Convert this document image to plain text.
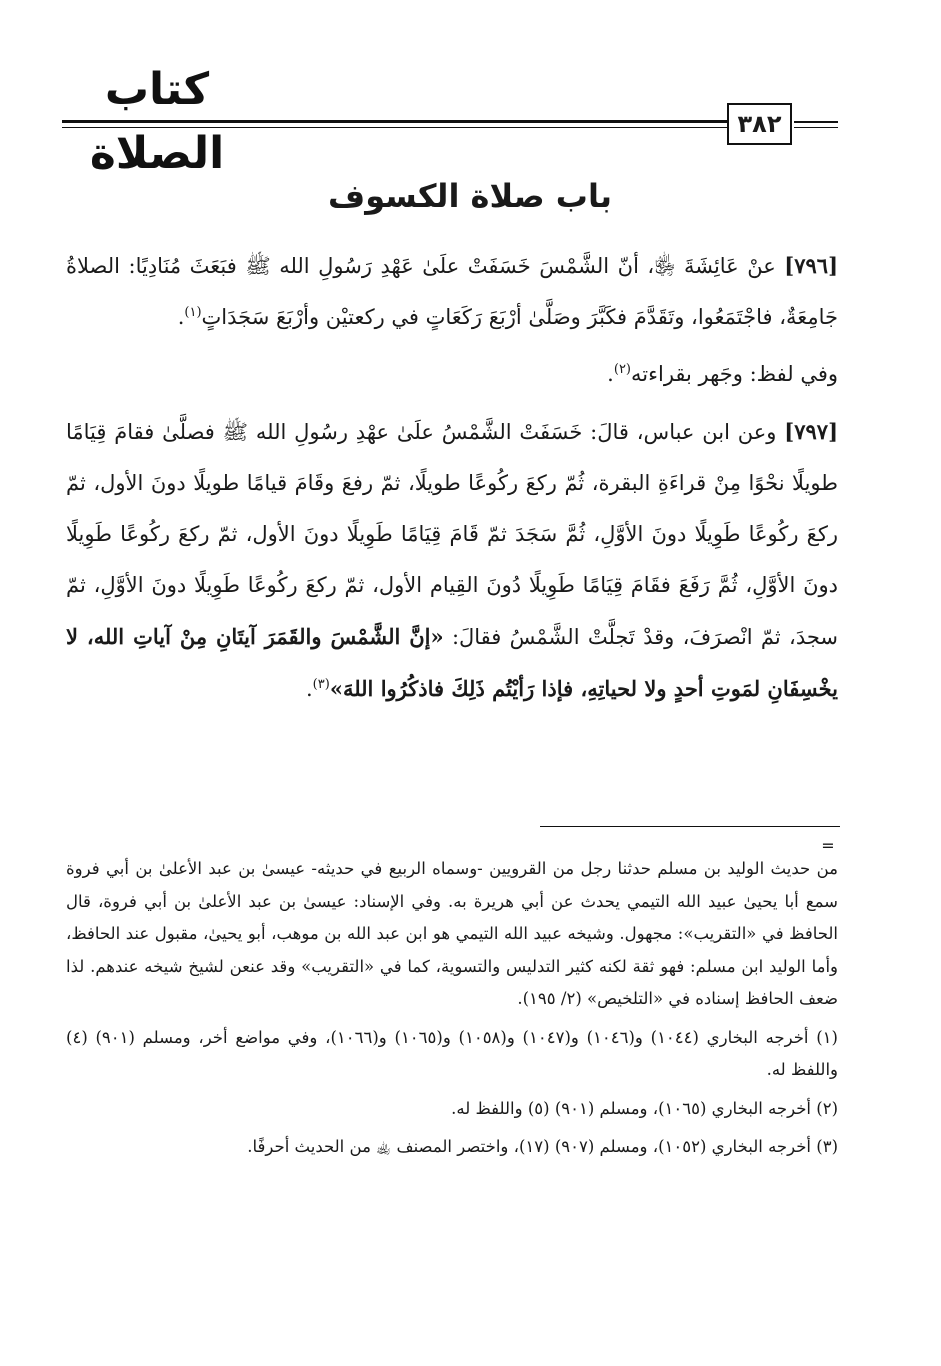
كتاب الصلاة
٣٨٢
باب صلاة الكسوف

[٧٩٦] عنْ عَائِشَةَ ﵂، أنّ الشَّمْسَ خَسَفَتْ علَىٰ عَهْدِ رَسُولِ الله ﷺ فبَعَثَ مُنَادِيًا: الصلاةُ جَامِعَةٌ، فاجْتَمَعُوا، وتَقَدَّمَ فكَبَّرَ وصَلَّىٰ أرْبَعَ رَكَعَاتٍ في ركعتيْن وأرْبَعَ سَجَدَاتٍ$^{(١)}$.

وفي لفظ: وجَهر بقراءته$^{(٢)}$.

[٧٩٧] وعن ابن عباس، قالَ: خَسَفَتْ الشَّمْسُ علَىٰ عهْدِ رسُولِ الله ﷺ فصلَّىٰ فقامَ قِيَامًا طويلًا نحْوًا مِنْ قراءَةِ البقرة، ثُمّ ركعَ ركُوعًا طويلًا، ثمّ رفعَ وقَامَ قيامًا طويلًا دونَ الأول، ثمّ ركعَ ركُوعًا طَوِيلًا دونَ الأوَّلِ، ثُمَّ سَجَدَ ثمّ قَامَ قِيَامًا طَوِيلًا دونَ الأول، ثمّ ركعَ ركُوعًا طَوِيلًا دونَ الأوَّلِ، ثُمَّ رَفَعَ فقَامَ قِيَامًا طَوِيلًا دُونَ القِيام الأول، ثمّ ركعَ ركُوعًا طَوِيلًا دونَ الأوَّلِ، ثمّ سجدَ، ثمّ انْصرَفَ، وقدْ تَجلَّتْ الشَّمْسُ فقالَ: «إنَّ الشَّمْسَ والقَمَرَ آيتَانِ مِنْ آياتِ الله، لا يخْسِفَانِ لمَوتِ أحدٍ ولا لحياتِهِ، فإذا رَأيْتُم ذَلِكَ فاذكُرُوا اللهَ»$^{(٣)}$.

=

من حديث الوليد بن مسلم حدثنا رجل من القرويين -وسماه الربيع في حديثه- عيسىٰ بن عبد الأعلىٰ بن أبي فروة سمع أبا يحيىٰ عبيد الله التيمي يحدث عن أبي هريرة به. وفي الإسناد: عيسىٰ بن عبد الأعلىٰ بن أبي فروة، قال الحافظ في «التقريب»: مجهول. وشيخه عبيد الله التيمي هو ابن عبد الله بن موهب، أبو يحيىٰ، مقبول عند الحافظ، وأما الوليد ابن مسلم: فهو ثقة لكنه كثير التدليس والتسوية، كما في «التقريب» وقد عنعن لشيخ شيخه عندهم. لذا ضعف الحافظ إسناده في «التلخيص» (٢/ ١٩٥).

(١) أخرجه البخاري (١٠٤٤) و(١٠٤٦) و(١٠٤٧) و(١٠٥٨) و(١٠٦٥) و(١٠٦٦)، وفي مواضع أخر، ومسلم (٩٠١) (٤) واللفظ له.

(٢) أخرجه البخاري (١٠٦٥)، ومسلم (٩٠١) (٥) واللفظ له.

(٣) أخرجه البخاري (١٠٥٢)، ومسلم (٩٠٧) (١٧)، واختصر المصنف ﵀ من الحديث أحرفًا.
